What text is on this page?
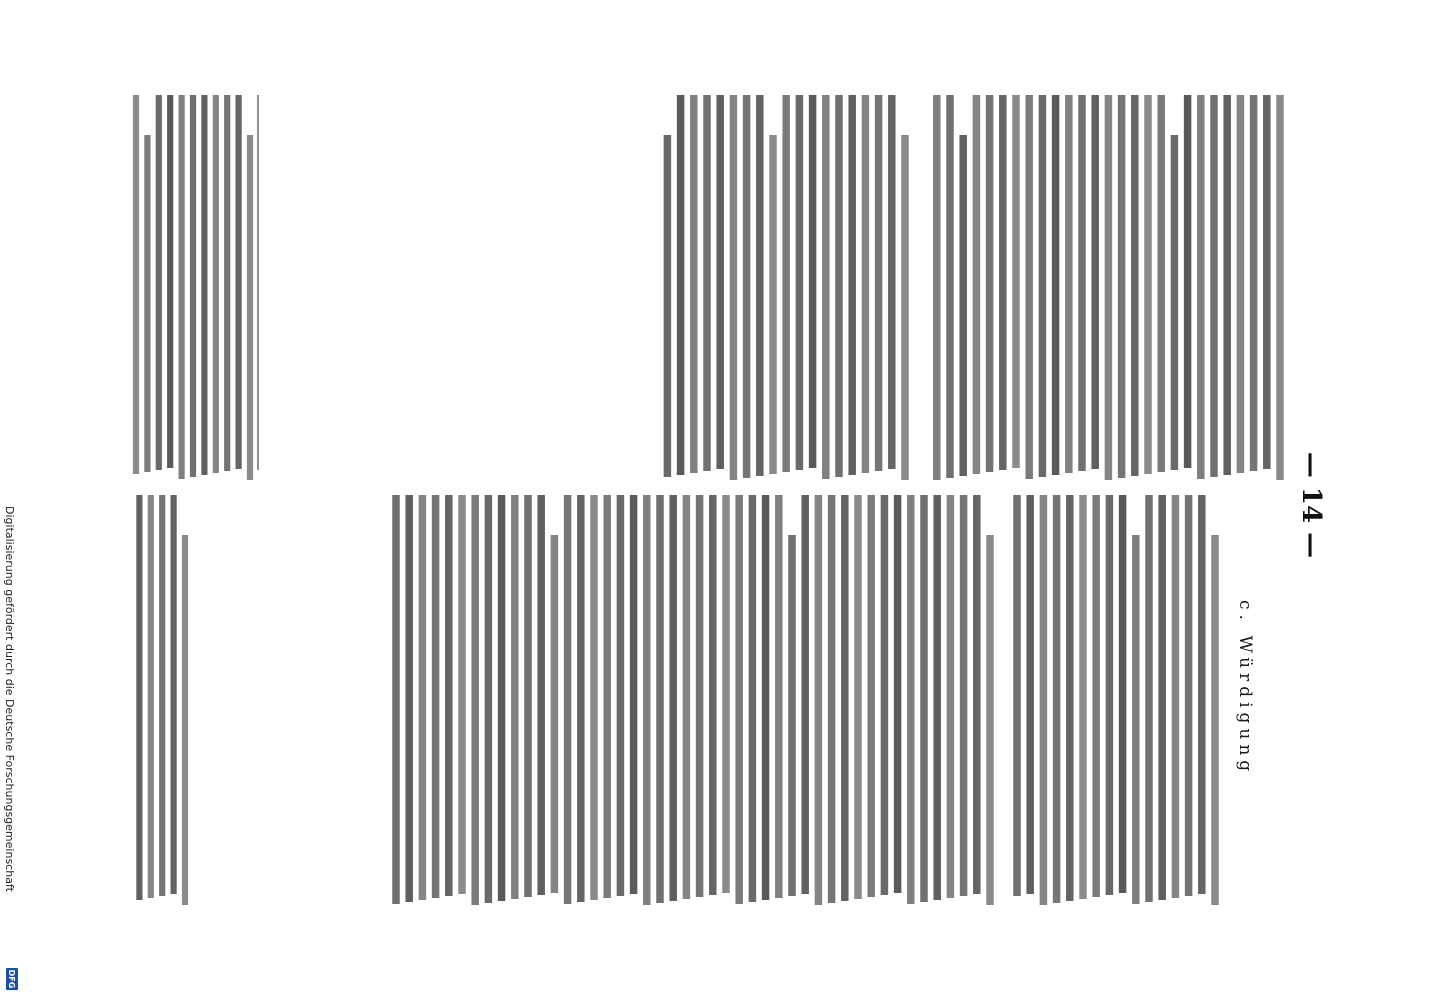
— 14 —
c. Würdigung
Digitalisierung gefördert durch die Deutsche Forschungsgemeinschaft
DFG
